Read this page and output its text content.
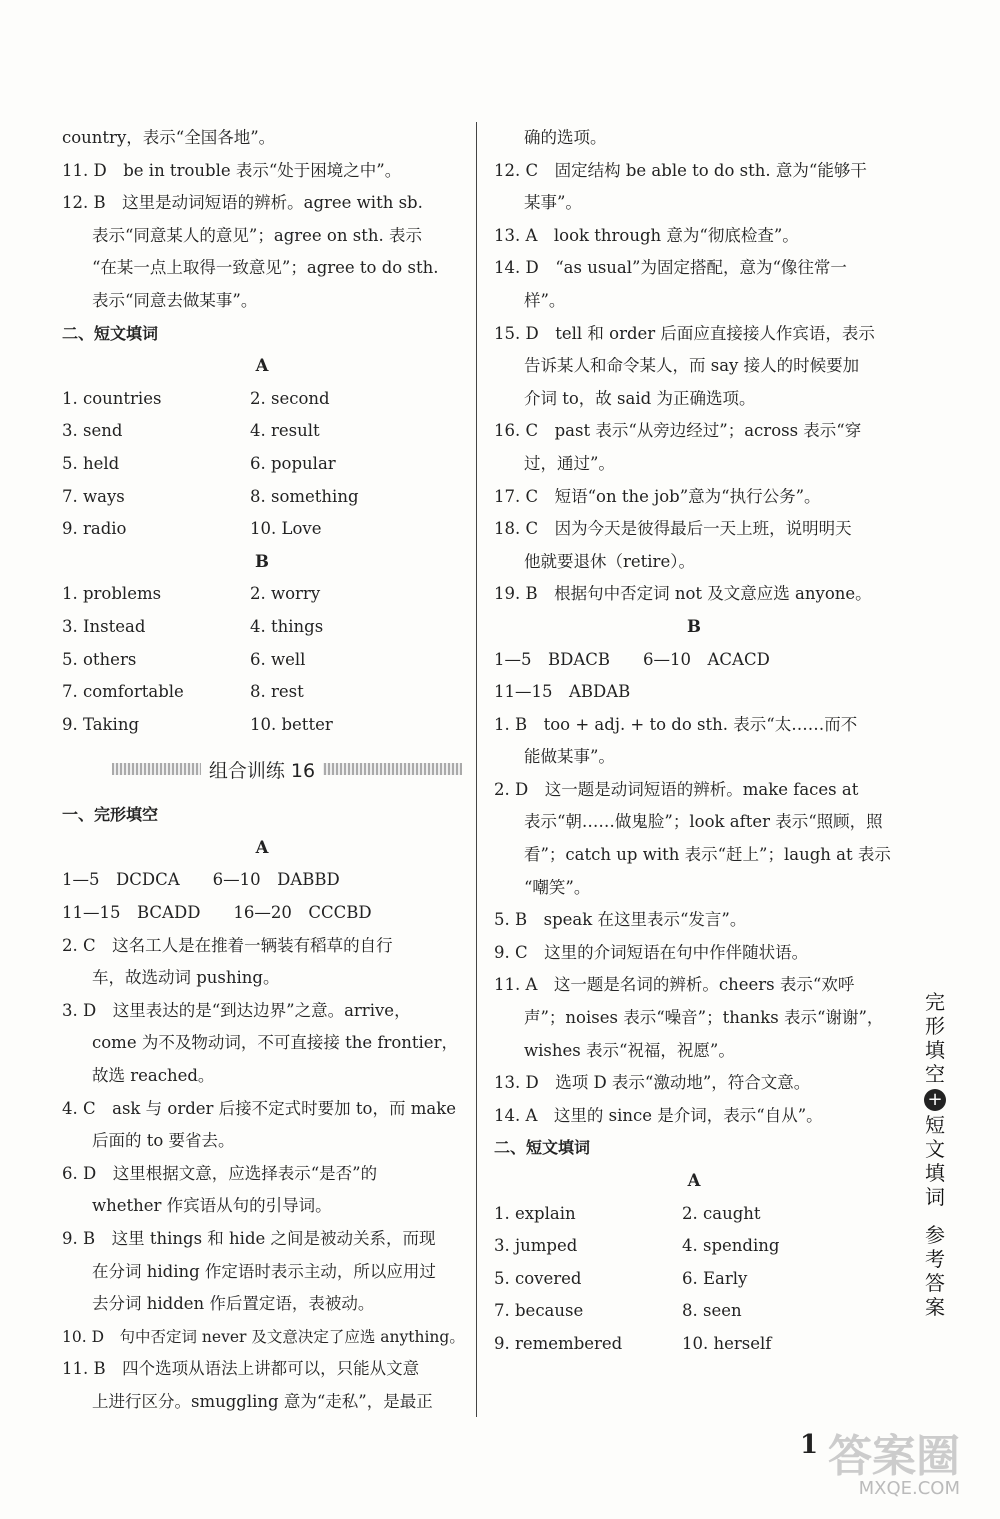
country，表示“全国各地”。
11. D　be in trouble 表示“处于困境之中”。
12. B　这里是动词短语的辨析。agree with sb.
表示“同意某人的意见”；agree on sth. 表示
“在某一点上取得一致意见”；agree to do sth.
表示“同意去做某事”。
二、短文填词
A
1. countries	2. second
3. send	4. result
5. held	6. popular
7. ways	8. something
9. radio	10. Love
B
1. problems	2. worry
3. Instead	4. things
5. others	6. well
7. comfortable	8. rest
9. Taking	10. better
组合训练 16
一、完形填空
A
1—5　DCDCA　　6—10　DABBD
11—15　BCADD　　16—20　CCCBD
2. C　这名工人是在推着一辆装有稻草的自行
车，故选动词 pushing。
3. D　这里表达的是“到达边界”之意。arrive，
come 为不及物动词，不可直接接 the frontier，
故选 reached。
4. C　ask 与 order 后接不定式时要加 to，而 make
后面的 to 要省去。
6. D　这里根据文意，应选择表示“是否”的
whether 作宾语从句的引导词。
9. B　这里 things 和 hide 之间是被动关系，而现
在分词 hiding 作定语时表示主动，所以应用过
去分词 hidden 作后置定语，表被动。
10. D　句中否定词 never 及文意决定了应选 anything。
11. B　四个选项从语法上讲都可以，只能从文意
上进行区分。smuggling 意为“走私”，是最正
确的选项。
12. C　固定结构 be able to do sth. 意为“能够干
某事”。
13. A　look through 意为“彻底检查”。
14. D　“as usual”为固定搭配，意为“像往常一
样”。
15. D　tell 和 order 后面应直接接人作宾语，表示
告诉某人和命令某人，而 say 接人的时候要加
介词 to，故 said 为正确选项。
16. C　past 表示“从旁边经过”；across 表示“穿
过，通过”。
17. C　短语“on the job”意为“执行公务”。
18. C　因为今天是彼得最后一天上班，说明明天
他就要退休（retire）。
19. B　根据句中否定词 not 及文意应选 anyone。
B
1—5　BDACB　　6—10　ACACD
11—15　ABDAB
1. B　too + adj. + to do sth. 表示“太……而不
能做某事”。
2. D　这一题是动词短语的辨析。make faces at
表示“朝……做鬼脸”；look after 表示“照顾，照
看”；catch up with 表示“赶上”；laugh at 表示
“嘲笑”。
5. B　speak 在这里表示“发言”。
9. C　这里的介词短语在句中作伴随状语。
11. A　这一题是名词的辨析。cheers 表示“欢呼
声”；noises 表示“噪音”；thanks 表示“谢谢”，
wishes 表示“祝福，祝愿”。
13. D　选项 D 表示“激动地”，符合文意。
14. A　这里的 since 是介词，表示“自从”。
二、短文填词
A
1. explain	2. caught
3. jumped	4. spending
5. covered	6. Early
7. because	8. seen
9. remembered	10. herself
完形填空
+
短文填词
参考答案
1 答案圈
MXQE.COM
